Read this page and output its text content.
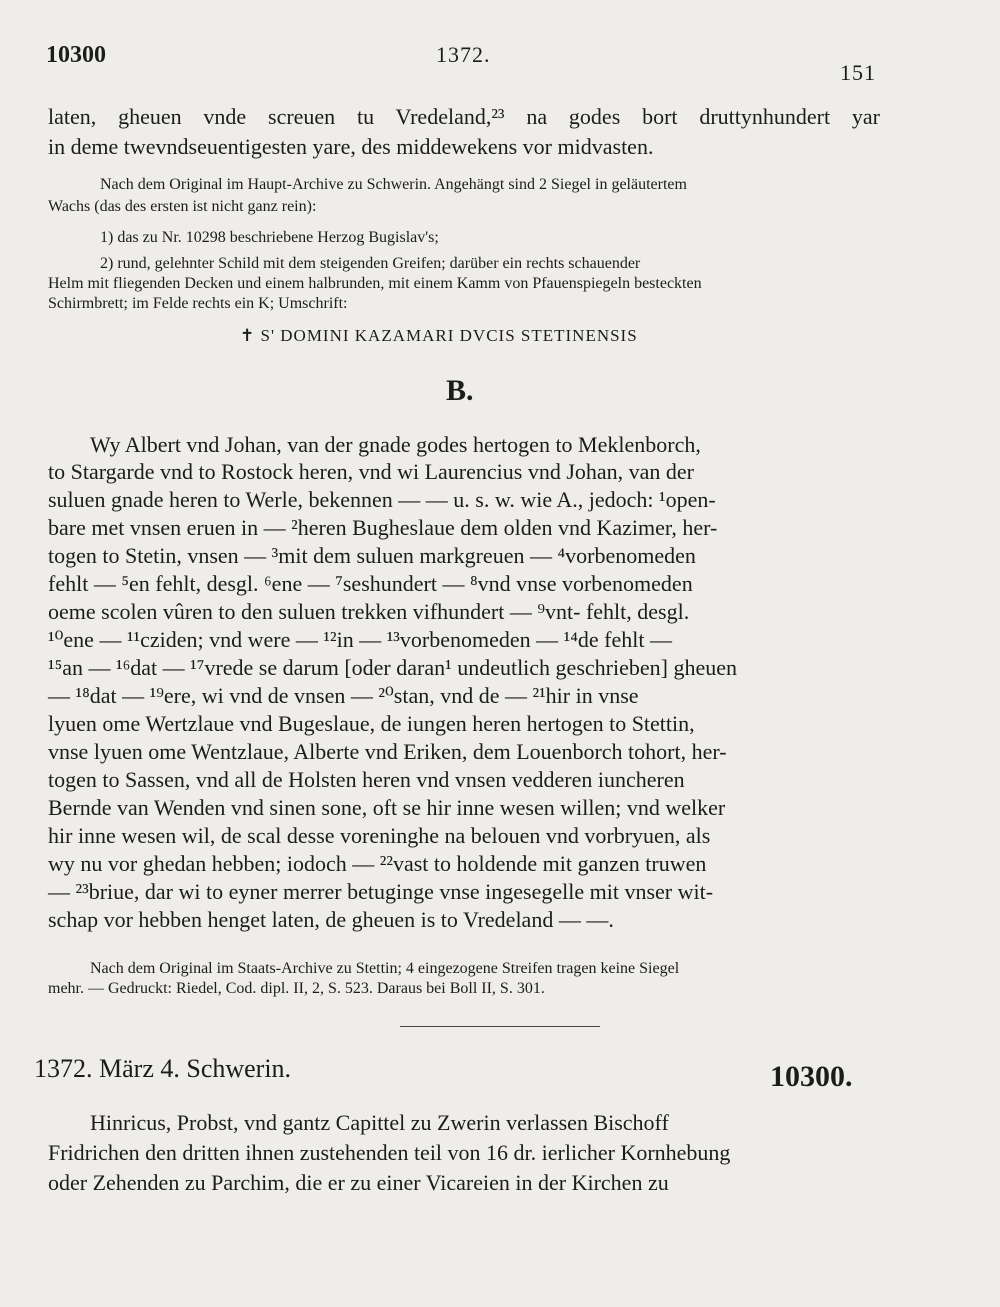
10300	1372.
151
laten, gheuen vnde screuen tu Vredeland,²³ na godes bort druttynhundert yar
in deme twevndseuentigesten yare, des middewekens vor midvasten.
Nach dem Original im Haupt-Archive zu Schwerin. Angehängt sind 2 Siegel in geläutertem
Wachs (das des ersten ist nicht ganz rein):
1) das zu Nr. 10298 beschriebene Herzog Bugislav's;
2) rund, gelehnter Schild mit dem steigenden Greifen; darüber ein rechts schauender
Helm mit fliegenden Decken und einem halbrunden, mit einem Kamm von Pfauenspiegeln besteckten
Schirmbrett; im Felde rechts ein K; Umschrift:
✝ S' DOMINI KAZAMARI DVCIS STETINENSIS
B.
Wy Albert vnd Johan, van der gnade godes hertogen to Meklenborch,
to Stargarde vnd to Rostock heren, vnd wi Laurencius vnd Johan, van der
suluen gnade heren to Werle, bekennen — — u. s. w. wie A., jedoch: ¹open-
bare met vnsen eruen in — ²heren Bugheslaue dem olden vnd Kazimer, her-
togen to Stetin, vnsen — ³mit dem suluen markgreuen — ⁴vorbenomeden
fehlt — ⁵en fehlt, desgl. ⁶ene — ⁷seshundert — ⁸vnd vnse vorbenomeden
oeme scolen vûren to den suluen trekken vifhundert — ⁹vnt- fehlt, desgl.
¹⁰ene — ¹¹cziden; vnd were — ¹²in — ¹³vorbenomeden — ¹⁴de fehlt —
¹⁵an — ¹⁶dat — ¹⁷vrede se darum [oder daran¹ undeutlich geschrieben] gheuen
— ¹⁸dat — ¹⁹ere, wi vnd de vnsen — ²⁰stan, vnd de — ²¹hir in vnse
lyuen ome Wertzlaue vnd Bugeslaue, de iungen heren hertogen to Stettin,
vnse lyuen ome Wentzlaue, Alberte vnd Eriken, dem Louenborch tohort, her-
togen to Sassen, vnd all de Holsten heren vnd vnsen vedderen iuncheren
Bernde van Wenden vnd sinen sone, oft se hir inne wesen willen; vnd welker
hir inne wesen wil, de scal desse voreninghe na belouen vnd vorbryuen, als
wy nu vor ghedan hebben; iodoch — ²²vast to holdende mit ganzen truwen
— ²³briue, dar wi to eyner merrer betuginge vnse ingesegelle mit vnser wit-
schap vor hebben henget laten, de gheuen is to Vredeland — —.
Nach dem Original im Staats-Archive zu Stettin; 4 eingezogene Streifen tragen keine Siegel
mehr. — Gedruckt: Riedel, Cod. dipl. II, 2, S. 523. Daraus bei Boll II, S. 301.
1372. März 4. Schwerin.	10300.
Hinricus, Probst, vnd gantz Capittel zu Zwerin verlassen Bischoff
Fridrichen den dritten ihnen zustehenden teil von 16 dr. ierlicher Kornhebung
oder Zehenden zu Parchim, die er zu einer Vicareien in der Kirchen zu
